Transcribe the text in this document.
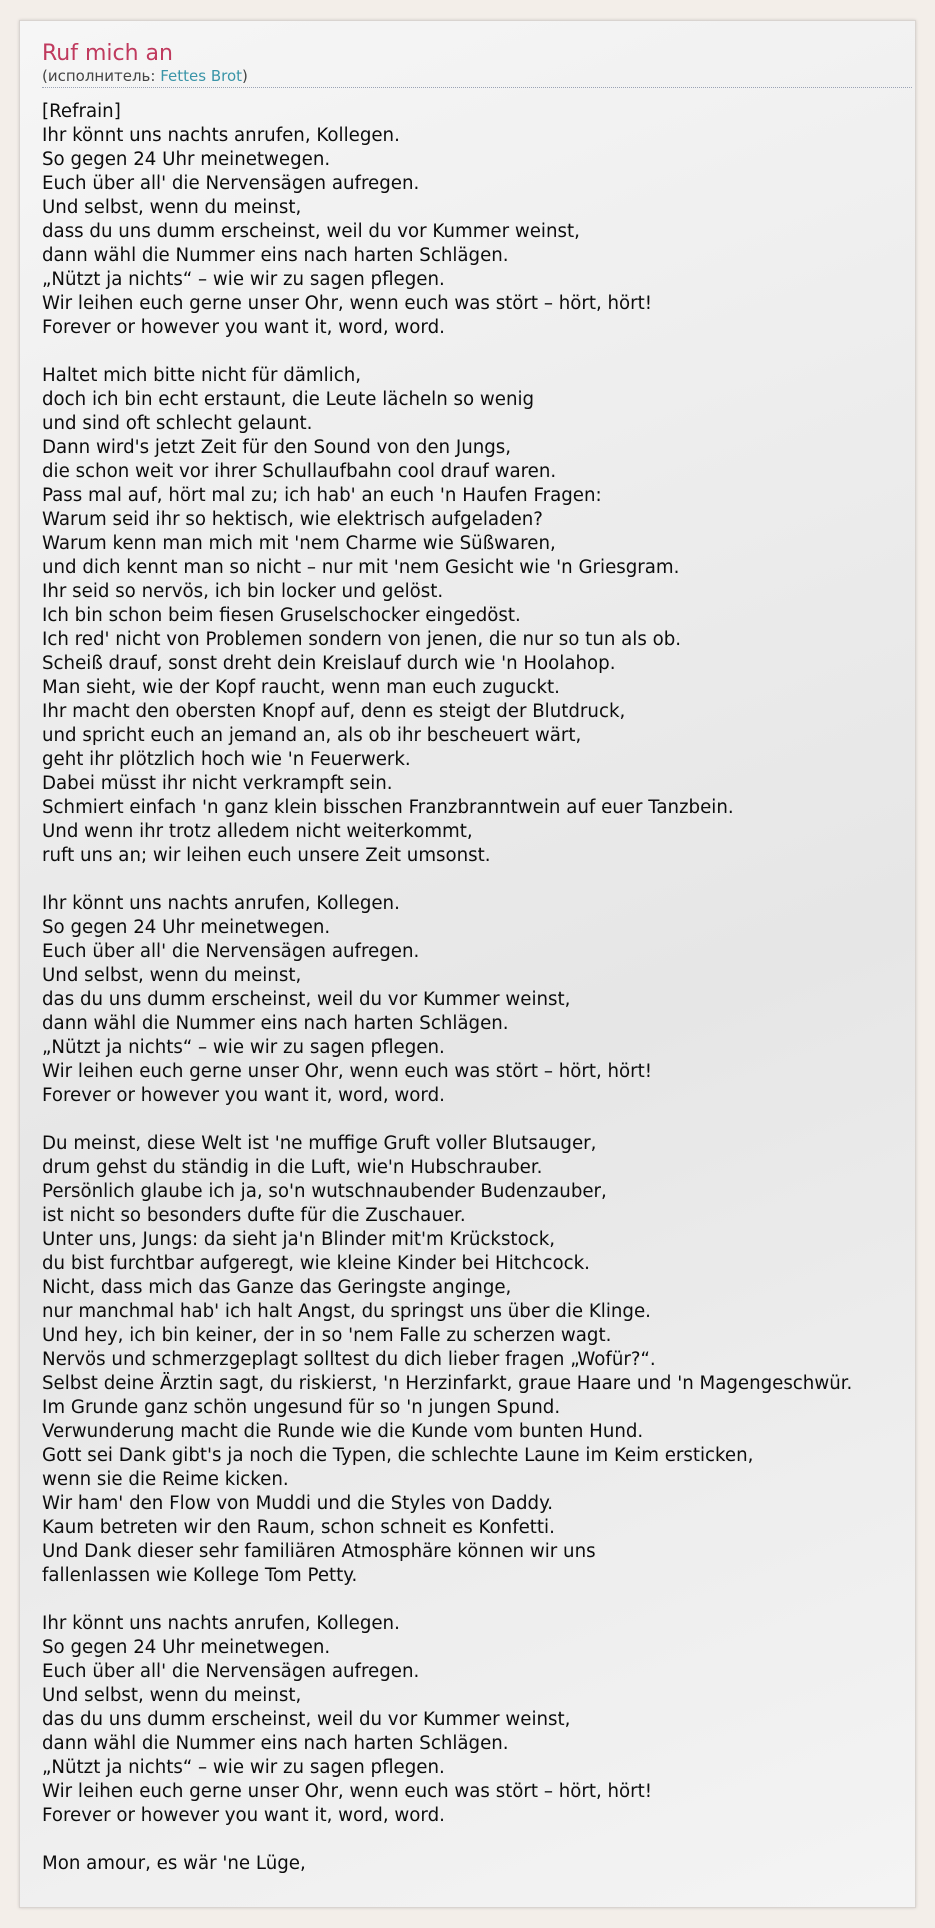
Ruf mich an
(исполнитель: Fettes Brot)
[Refrain]
Ihr könnt uns nachts anrufen, Kollegen.
So gegen 24 Uhr meinetwegen.
Euch über all' die Nervensägen aufregen.
Und selbst, wenn du meinst,
dass du uns dumm erscheinst, weil du vor Kummer weinst,
dann wähl die Nummer eins nach harten Schlägen.
„Nützt ja nichts“ – wie wir zu sagen pflegen.
Wir leihen euch gerne unser Ohr, wenn euch was stört – hört, hört!
Forever or however you want it, word, word.
Haltet mich bitte nicht für dämlich,
doch ich bin echt erstaunt, die Leute lächeln so wenig
und sind oft schlecht gelaunt.
Dann wird's jetzt Zeit für den Sound von den Jungs,
die schon weit vor ihrer Schullaufbahn cool drauf waren.
Pass mal auf, hört mal zu; ich hab' an euch 'n Haufen Fragen:
Warum seid ihr so hektisch, wie elektrisch aufgeladen?
Warum kenn man mich mit 'nem Charme wie Süßwaren,
und dich kennt man so nicht – nur mit 'nem Gesicht wie 'n Griesgram.
Ihr seid so nervös, ich bin locker und gelöst.
Ich bin schon beim fiesen Gruselschocker eingedöst.
Ich red' nicht von Problemen sondern von jenen, die nur so tun als ob.
Scheiß drauf, sonst dreht dein Kreislauf durch wie 'n Hoolahop.
Man sieht, wie der Kopf raucht, wenn man euch zuguckt.
Ihr macht den obersten Knopf auf, denn es steigt der Blutdruck,
und spricht euch an jemand an, als ob ihr bescheuert wärt,
geht ihr plötzlich hoch wie 'n Feuerwerk.
Dabei müsst ihr nicht verkrampft sein.
Schmiert einfach 'n ganz klein bisschen Franzbranntwein auf euer Tanzbein.
Und wenn ihr trotz alledem nicht weiterkommt,
ruft uns an; wir leihen euch unsere Zeit umsonst.
Ihr könnt uns nachts anrufen, Kollegen.
So gegen 24 Uhr meinetwegen.
Euch über all' die Nervensägen aufregen.
Und selbst, wenn du meinst,
das du uns dumm erscheinst, weil du vor Kummer weinst,
dann wähl die Nummer eins nach harten Schlägen.
„Nützt ja nichts“ – wie wir zu sagen pflegen.
Wir leihen euch gerne unser Ohr, wenn euch was stört – hört, hört!
Forever or however you want it, word, word.
Du meinst, diese Welt ist 'ne muffige Gruft voller Blutsauger,
drum gehst du ständig in die Luft, wie'n Hubschrauber.
Persönlich glaube ich ja, so'n wutschnaubender Budenzauber,
ist nicht so besonders dufte für die Zuschauer.
Unter uns, Jungs: da sieht ja'n Blinder mit'm Krückstock,
du bist furchtbar aufgeregt, wie kleine Kinder bei Hitchcock.
Nicht, dass mich das Ganze das Geringste anginge,
nur manchmal hab' ich halt Angst, du springst uns über die Klinge.
Und hey, ich bin keiner, der in so 'nem Falle zu scherzen wagt.
Nervös und schmerzgeplagt solltest du dich lieber fragen „Wofür?“.
Selbst deine Ärztin sagt, du riskierst, 'n Herzinfarkt, graue Haare und 'n Magengeschwür.
Im Grunde ganz schön ungesund für so 'n jungen Spund.
Verwunderung macht die Runde wie die Kunde vom bunten Hund.
Gott sei Dank gibt's ja noch die Typen, die schlechte Laune im Keim ersticken,
wenn sie die Reime kicken.
Wir ham' den Flow von Muddi und die Styles von Daddy.
Kaum betreten wir den Raum, schon schneit es Konfetti.
Und Dank dieser sehr familiären Atmosphäre können wir uns
fallenlassen wie Kollege Tom Petty.
Ihr könnt uns nachts anrufen, Kollegen.
So gegen 24 Uhr meinetwegen.
Euch über all' die Nervensägen aufregen.
Und selbst, wenn du meinst,
das du uns dumm erscheinst, weil du vor Kummer weinst,
dann wähl die Nummer eins nach harten Schlägen.
„Nützt ja nichts“ – wie wir zu sagen pflegen.
Wir leihen euch gerne unser Ohr, wenn euch was stört – hört, hört!
Forever or however you want it, word, word.
Mon amour, es wär 'ne Lüge,
